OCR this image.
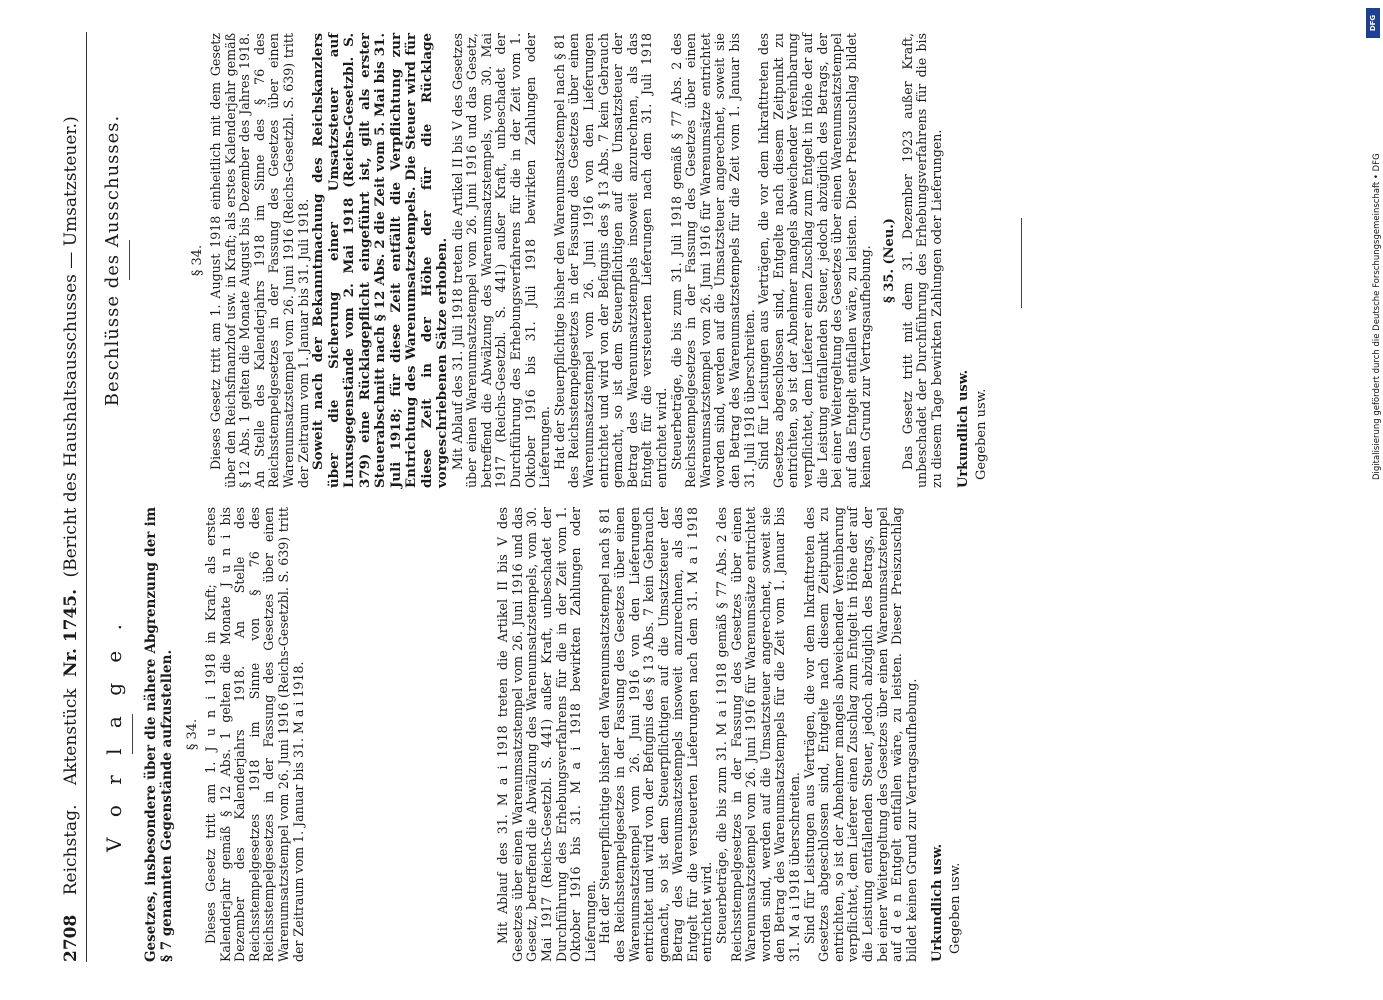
2708 Reichstag. Aktenstück Nr. 1745. (Bericht des Haushaltsausschusses — Umsatzsteuer.)
V o r l a g e . Gesetzes, insbesondere über die nähere Abgrenzung der im § 7 genannten Gegenstände aufzustellen. § 34. Dieses Gesetz tritt am 1. J u n i 1918 in Kraft; als erstes Kalenderjahr gemäß § 12 Abs. 1 gelten die Monate J u n i bis Dezember des Kalenderjahrs 1918. An Stelle des Reichsstempelgesetzes 1918 im Sinne von § 76 des Reichsstempelgesetzes in der Fassung des Gesetzes über einen Warenumsatzstempel vom 26. Juni 1916 (Reichs-Gesetzbl. S. 639) tritt der Zeitraum vom 1. Januar bis 31. M a i 1918.	Mit Ablauf des 31. M a i 1918 treten die Artikel II bis V des Gesetzes über einen Warenumsatzstempel vom 26. Juni 1916 und das Gesetz, betreffend die Abwälzung des Warenumsatzstempels, vom 30. Mai 1917 (Reichs-Gesetzbl. S. 441) außer Kraft, unbeschadet der Durchführung des Erhebungsverfahrens für die in der Zeit vom 1. Oktober 1916 bis 31. M a i 1918 bewirkten Zahlungen oder Lieferungen. Hat der Steuerpflichtige bisher den Warenumsatzstempel nach § 81 des Reichsstempelgesetzes in der Fassung des Gesetzes über einen Warenumsatzstempel vom 26. Juni 1916 von den Lieferungen entrichtet und wird von der Befugnis des § 13 Abs. 7 kein Gebrauch gemacht, so ist dem Steuerpflichtigen auf die Umsatzsteuer der Betrag des Warenumsatzstempels insoweit anzurechnen, als das Entgelt für die versteuerten Lieferungen nach dem 31. M a i 1918 entrichtet wird. Steuerbeträge, die bis zum 31. M a i 1918 gemäß § 77 Abs. 2 des Reichsstempelgesetzes in der Fassung des Gesetzes über einen Warenumsatzstempel vom 26. Juni 1916 für Warenumsätze entrichtet worden sind, werden auf die Umsatzsteuer angerechnet, soweit sie den Betrag des Warenumsatzstempels für die Zeit vom 1. Januar bis 31. M a i 1918 überschreiten. Sind für Leistungen aus Verträgen, die vor dem Inkrafttreten des Gesetzes abgeschlossen sind, Entgelte nach diesem Zeitpunkt zu entrichten, so ist der Abnehmer mangels abweichender Vereinbarung verpflichtet, dem Lieferer einen Zuschlag zum Entgelt in Höhe der auf die Leistung entfallenden Steuer, jedoch abzüglich des Betrags, der bei einer Weitergeltung des Gesetzes über einen Warenumsatzstempel auf d e n Entgelt entfallen wäre, zu leisten. Dieser Preiszuschlag bildet keinen Grund zur Vertragsaufhebung. Urkundlich usw. Gegeben usw.
Beschlüsse des Ausschusses.	§ 34. Dieses Gesetz tritt am 1. August 1918 einheitlich mit dem Gesetz über den Reichsfinanzhof usw. in Kraft; als erstes Kalenderjahr gemäß § 12 Abs. 1 gelten die Monate August bis Dezember des Jahres 1918. An Stelle des Kalenderjahrs 1918 im Sinne des § 76 des Reichsstempelgesetzes in der Fassung des Gesetzes über einen Warenumsatzstempel vom 26. Juni 1916 (Reichs-Gesetzbl. S. 639) tritt der Zeitraum vom 1. Januar bis 31. Juli 1918. Soweit nach der Bekanntmachung des Reichskanzlers über die Sicherung einer Umsatzsteuer auf Luxusgegenstände vom 2. Mai 1918 (Reichs-Gesetzbl. S. 379) eine Rücklagepflicht eingeführt ist, gilt als erster Steuerabschnitt nach § 12 Abs. 2 die Zeit vom 5. Mai bis 31. Juli 1918; für diese Zeit entfällt die Verpflichtung zur Entrichtung des Warenumsatzstempels. Die Steuer wird für diese Zeit in der Höhe der für die Rücklage vorgeschriebenen Sätze erhoben. Mit Ablauf des 31. Juli 1918 treten die Artikel II bis V des Gesetzes über einen Warenumsatzstempel vom 26. Juni 1916 und das Gesetz, betreffend die Abwälzung des Warenumsatzstempels, vom 30. Mai 1917 (Reichs-Gesetzbl. S. 441) außer Kraft, unbeschadet der Durchführung des Erhebungsverfahrens für die in der Zeit vom 1. Oktober 1916 bis 31. Juli 1918 bewirkten Zahlungen oder Lieferungen. Hat der Steuerpflichtige bisher den Warenumsatzstempel nach § 81 des Reichsstempelgesetzes in der Fassung des Gesetzes über einen Warenumsatzstempel vom 26. Juni 1916 von den Lieferungen entrichtet und wird von der Befugnis des § 13 Abs. 7 kein Gebrauch gemacht, so ist dem Steuerpflichtigen auf die Umsatzsteuer der Betrag des Warenumsatzstempels insoweit anzurechnen, als das Entgelt für die versteuerten Lieferungen nach dem 31. Juli 1918 entrichtet wird. Steuerbeträge, die bis zum 31. Juli 1918 gemäß § 77 Abs. 2 des Reichsstempelgesetzes in der Fassung des Gesetzes über einen Warenumsatzstempel vom 26. Juni 1916 für Warenumsätze entrichtet worden sind, werden auf die Umsatzsteuer angerechnet, soweit sie den Betrag des Warenumsatzstempels für die Zeit vom 1. Januar bis 31. Juli 1918 überschreiten. Sind für Leistungen aus Verträgen, die vor dem Inkrafttreten des Gesetzes abgeschlossen sind, Entgelte nach diesem Zeitpunkt zu entrichten, so ist der Abnehmer mangels abweichender Vereinbarung verpflichtet, dem Lieferer einen Zuschlag zum Entgelt in Höhe der auf die Leistung entfallenden Steuer, jedoch abzüglich des Betrags, der bei einer Weitergeltung des Gesetzes über einen Warenumsatzstempel auf das Entgelt entfallen wäre, zu leisten. Dieser Preiszuschlag bildet keinen Grund zur Vertragsaufhebung. § 35. (Neu.) Das Gesetz tritt mit dem 31. Dezember 1923 außer Kraft, unbeschadet der Durchführung des Erhebungsverfahrens für die bis zu diesem Tage bewirkten Zahlungen oder Lieferungen. Urkundlich usw. Gegeben usw.	Digitalisierung gefördert durch die Deutsche Forschungsgemeinschaft • DFG
DFG
